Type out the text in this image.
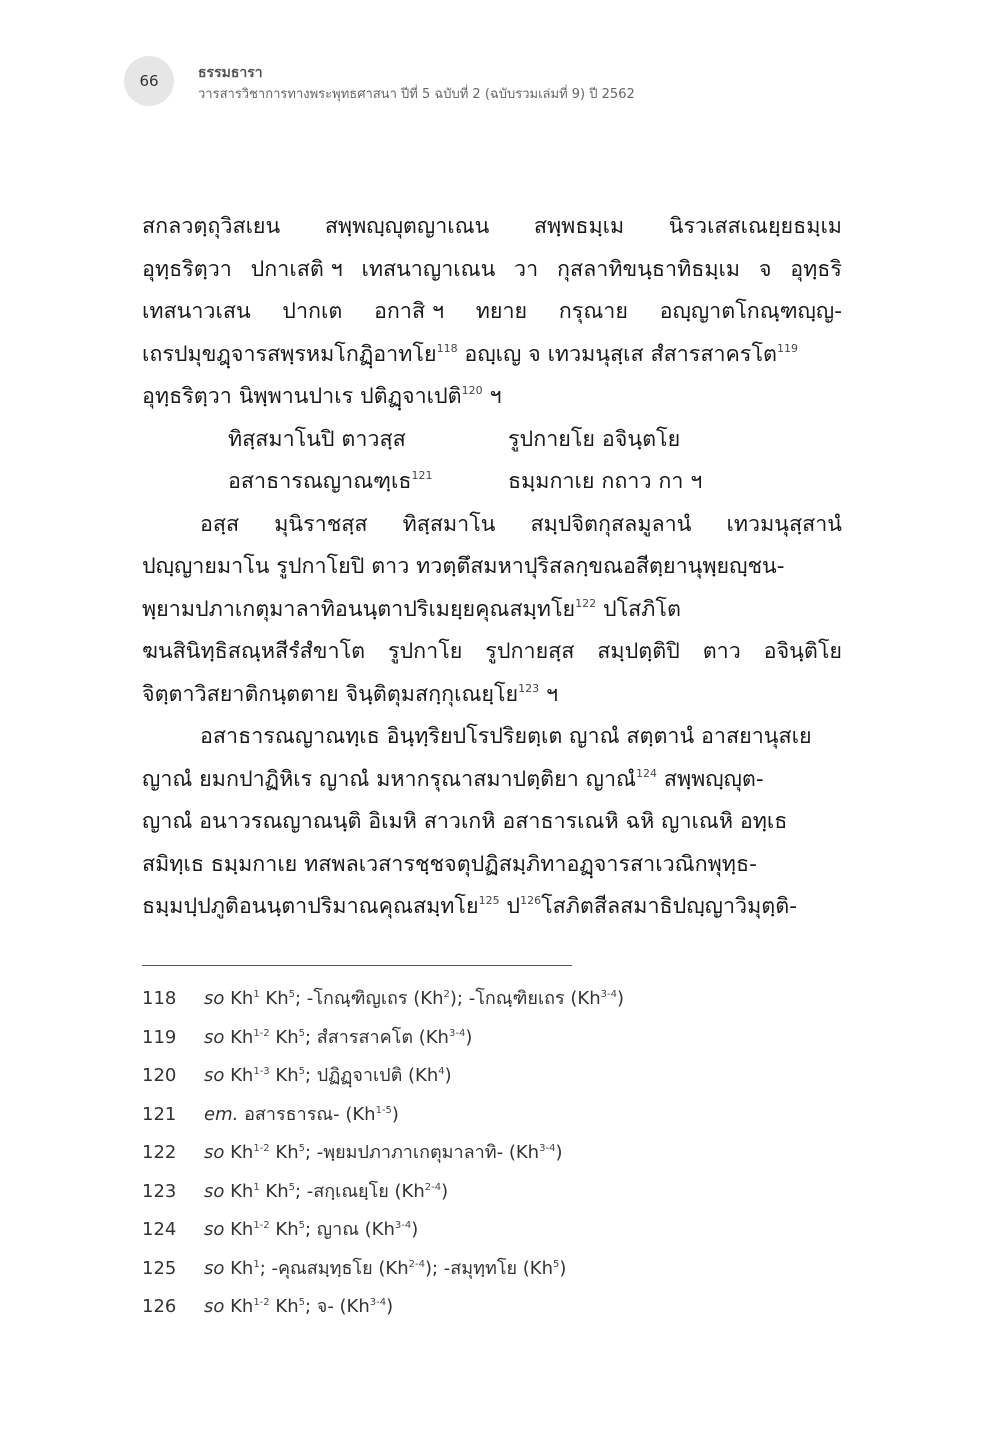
66	ธรรมธารา
วารสารวิชาการทางพระพุทธศาสนา ปีที่ 5 ฉบับที่ 2 (ฉบับรวมเล่มที่ 9) ปี 2562
สกลวตฺถุวิสเยน สพฺพญฺญุตญาเณน สพฺพธมฺเม นิรวเสสเณยฺยธมฺเม
อุทฺธริตฺวา ปกาเสติ ฯ เทสนาญาเณน วา กุสลาทิขนฺธาทิธมฺเม จ อุทฺธริ
เทสนาวเสน ปากเต อกาสิ ฯ ทยาย กรุณาย อญฺญาตโกณฺฑญฺญ-
เถรปมุขฎฺจารสพฺรหมโกฏฺิอาทโย$^{118}$ อญฺเญ จ เทวมนุสฺเส สํสารสาครโต$^{119}$
อุทฺธริตฺวา นิพฺพานปาเร ปติฏฺจาเปติ$^{120}$ ฯ
ทิสฺสมาโนปิ ตาวสฺส	รูปกายโย อจินฺตโย
อสาธารณญาณฑฺเธ$^{121}$	ธมฺมกาเย กถาว กา ฯ
อสฺส มุนิราชสฺส ทิสฺสมาโน สมฺปจิตกุสลมูลานํ เทวมนุสฺสานํ
ปญฺญายมาโน รูปกาโยปิ ตาว ทวตฺตึสมหาปุริสลกฺขณอสีตฺยานุพฺยญฺชน-
พฺยามปภาเกตุมาลาทิอนนฺตาปริเมยฺยคุณสมฺทโย$^{122}$ ปโสภิโต
ฆนสินิทฺธิสณฺหสีรํสํขาโต รูปกาโย รูปกายสฺส สมฺปตฺติปิ ตาว อจินฺติโย
จิตฺตาวิสยาติกนฺตตาย จินฺติตุมสกฺกุเณยฺโย$^{123}$ ฯ
อสาธารณญาณทฺเธ อินฺทฺริยปโรปริยตฺเต ญาณํ สตฺตานํ อาสยานุสเย
ญาณํ ยมกปาฏิหิเร ญาณํ มหากรุณาสมาปตฺติยา ญาณํ$^{124}$ สพฺพญฺญุต-
ญาณํ อนาวรณญาณนฺติ อิเมหิ สาวเกหิ อสาธารเณหิ ฉหิ ญาเณหิ อทฺเธ
สมิทฺเธ ธมฺมกาเย ทสพลเวสารชฺชจตุปฏิสมฺภิทาอฏฺจารสาเวณิกพุทฺธ-
ธมฺมปฺปภูติอนนฺตาปริมาณคุณสมฺทโย$^{125}$ ป$^{126}$โสภิตสีลสมาธิปญฺญาวิมุตฺติ-
118 so Kh$^1$ Kh$^5$; -โกณฺฑิญเถร (Kh$^2$); -โกณฺฑิยเถร (Kh$^{3-4}$)
119 so Kh$^{1-2}$ Kh$^5$; สํสารสาคโต (Kh$^{3-4}$)
120 so Kh$^{1-3}$ Kh$^5$; ปฏิฏฺจาเปติ (Kh$^4$)
121 em. อสารธารณ- (Kh$^{1-5}$)
122 so Kh$^{1-2}$ Kh$^5$; -พฺยมปภาภาเกตุมาลาทิ- (Kh$^{3-4}$)
123 so Kh$^1$ Kh$^5$; -สกฺเณยฺโย (Kh$^{2-4}$)
124 so Kh$^{1-2}$ Kh$^5$; ญาณ (Kh$^{3-4}$)
125 so Kh$^1$; -คุณสมฺทฺธโย (Kh$^{2-4}$); -สมุทฺทโย (Kh$^5$)
126 so Kh$^{1-2}$ Kh$^5$; จ- (Kh$^{3-4}$)
